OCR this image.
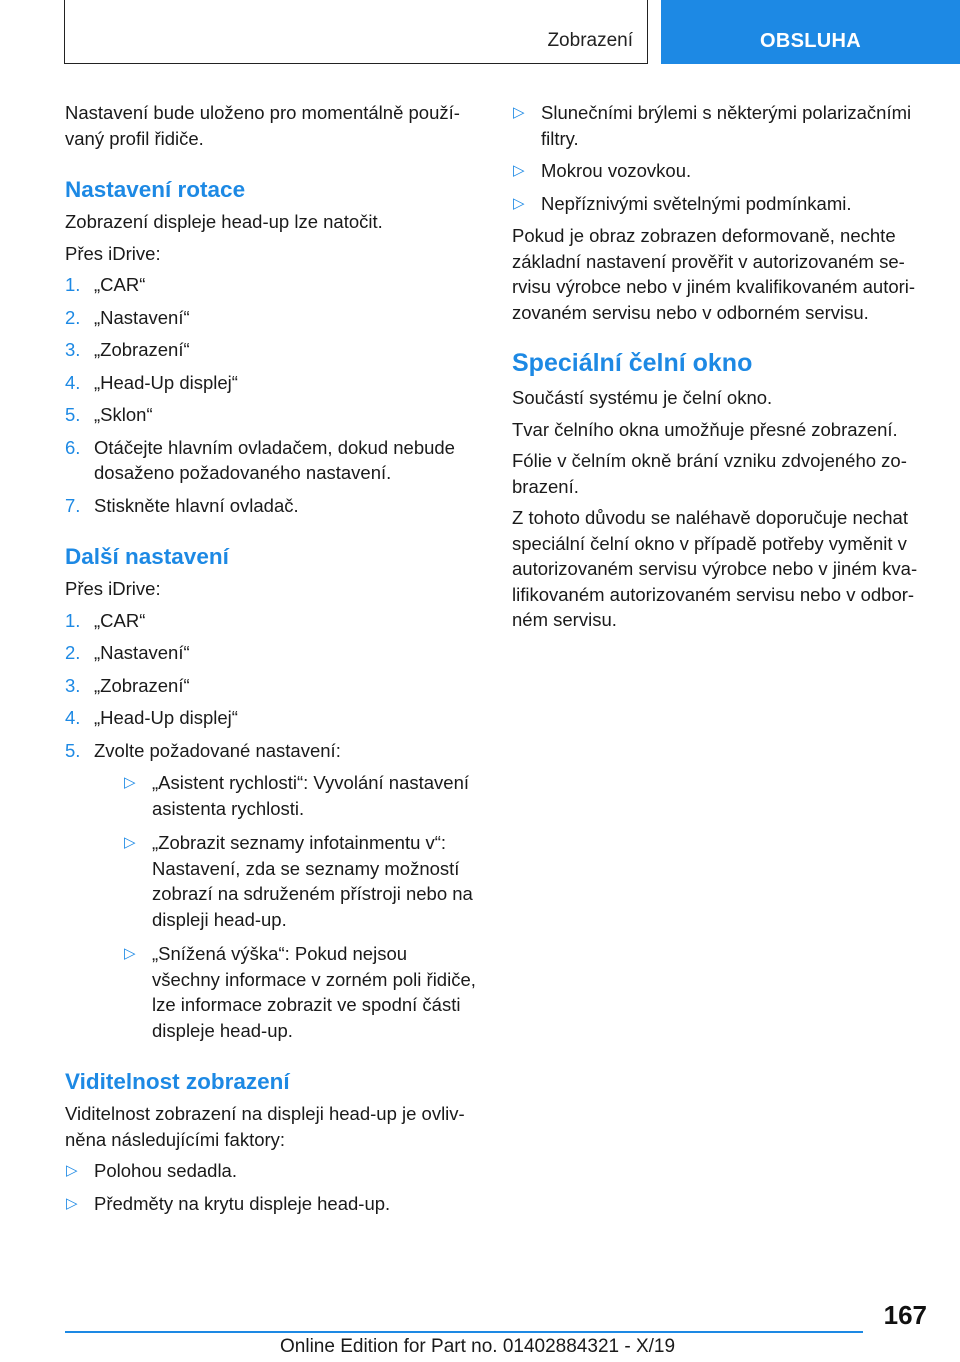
Zobrazení	OBSLUHA

Nastavení bude uloženo pro momentálně používaný profil řidiče.

Nastavení rotace

Zobrazení displeje head-up lze natočit.

Přes iDrive:

1. „CAR“
2. „Nastavení“
3. „Zobrazení“
4. „Head-Up displej“
5. „Sklon“
6. Otáčejte hlavním ovladačem, dokud nebude dosaženo požadovaného nastavení.
7. Stiskněte hlavní ovladač.
Další nastavení

Přes iDrive:

1. „CAR“
2. „Nastavení“
3. „Zobrazení“
4. „Head-Up displej“
5. Zvolte požadované nastavení:
▷ „Asistent rychlosti“: Vyvolání nastavení asistenta rychlosti.
▷ „Zobrazit seznamy infotainmentu v“: Nastavení, zda se seznamy možností zobrazí na sdruženém přístroji nebo na displeji head-up.
▷ „Snížená výška“: Pokud nejsou všechny informace v zorném poli řidiče, lze informace zobrazit ve spodní části displeje head-up.
Viditelnost zobrazení

Viditelnost zobrazení na displeji head-up je ovlivněna následujícími faktory:

▷ Polohou sedadla.
▷ Předměty na krytu displeje head-up.
▷ Slunečními brýlemi s některými polarizačními filtry.
▷ Mokrou vozovkou.
▷ Nepříznivými světelnými podmínkami.

Pokud je obraz zobrazen deformovaně, nechte základní nastavení prověřit v autorizovaném servisu výrobce nebo v jiném kvalifikovaném autorizovaném servisu nebo v odborném servisu.

Speciální čelní okno

Součástí systému je čelní okno.

Tvar čelního okna umožňuje přesné zobrazení.

Fólie v čelním okně brání vzniku zdvojeného zobrazení.

Z tohoto důvodu se naléhavě doporučuje nechat speciální čelní okno v případě potřeby vyměnit v autorizovaném servisu výrobce nebo v jiném kvalifikovaném autorizovaném servisu nebo v odborném servisu.

167
Online Edition for Part no. 01402884321 - X/19
